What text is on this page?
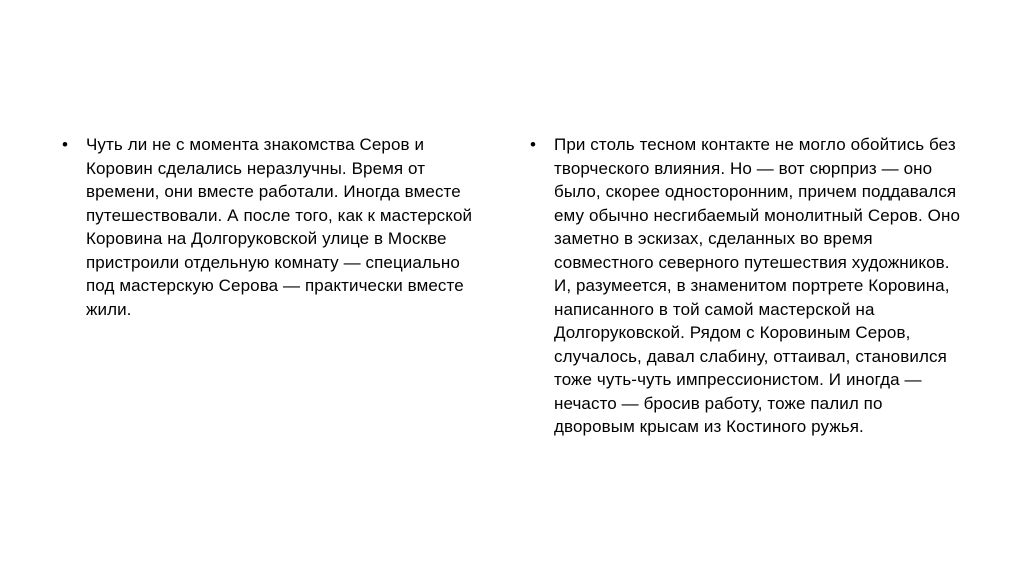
• Чуть ли не с момента знакомства Серов и Коровин сделались неразлучны. Время от времени, они вместе работали. Иногда вместе путешествовали. А после того, как к мастерской Коровина на Долгоруковской улице в Москве пристроили отдельную комнату — специально под мастерскую Серова — практически вместе жили.
• При столь тесном контакте не могло обойтись без творческого влияния. Но — вот сюрприз — оно было, скорее односторонним, причем поддавался ему обычно несгибаемый монолитный Серов. Оно заметно в эскизах, сделанных во время совместного северного путешествия художников. И, разумеется, в знаменитом портрете Коровина, написанного в той самой мастерской на Долгоруковской. Рядом с Коровиным Серов, случалось, давал слабину, оттаивал, становился тоже чуть-чуть импрессионистом. И иногда — нечасто — бросив работу, тоже палил по дворовым крысам из Костиного ружья.
